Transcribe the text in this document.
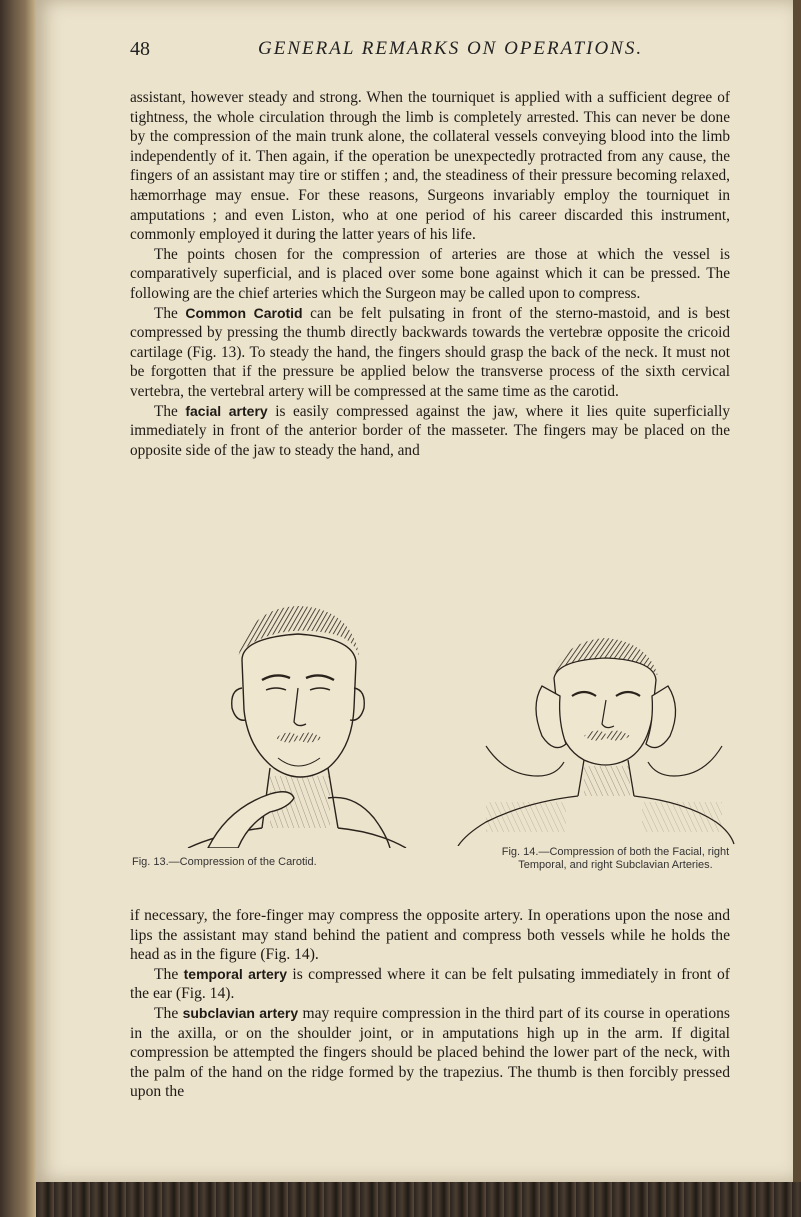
48	GENERAL REMARKS ON OPERATIONS.

assistant, however steady and strong. When the tourniquet is applied with a sufficient degree of tightness, the whole circulation through the limb is completely arrested. This can never be done by the compression of the main trunk alone, the collateral vessels conveying blood into the limb independently of it. Then again, if the operation be unexpectedly protracted from any cause, the fingers of an assistant may tire or stiffen ; and, the steadiness of their pressure becoming relaxed, hæmorrhage may ensue. For these reasons, Surgeons invariably employ the tourniquet in amputations ; and even Liston, who at one period of his career discarded this instrument, commonly employed it during the latter years of his life.

The points chosen for the compression of arteries are those at which the vessel is comparatively superficial, and is placed over some bone against which it can be pressed. The following are the chief arteries which the Surgeon may be called upon to compress.

The Common Carotid can be felt pulsating in front of the sterno-mastoid, and is best compressed by pressing the thumb directly backwards towards the vertebræ opposite the cricoid cartilage (Fig. 13). To steady the hand, the fingers should grasp the back of the neck. It must not be forgotten that if the pressure be applied below the transverse process of the sixth cervical vertebra, the vertebral artery will be compressed at the same time as the carotid.

The facial artery is easily compressed against the jaw, where it lies quite superficially immediately in front of the anterior border of the masseter. The fingers may be placed on the opposite side of the jaw to steady the hand, and

Fig. 13.—Compression of the Carotid.
Fig. 14.—Compression of both the Facial, right Temporal, and right Subclavian Arteries.

if necessary, the fore-finger may compress the opposite artery. In operations upon the nose and lips the assistant may stand behind the patient and compress both vessels while he holds the head as in the figure (Fig. 14).

The temporal artery is compressed where it can be felt pulsating immediately in front of the ear (Fig. 14).

The subclavian artery may require compression in the third part of its course in operations in the axilla, or on the shoulder joint, or in amputations high up in the arm. If digital compression be attempted the fingers should be placed behind the lower part of the neck, with the palm of the hand on the ridge formed by the trapezius. The thumb is then forcibly pressed upon the
